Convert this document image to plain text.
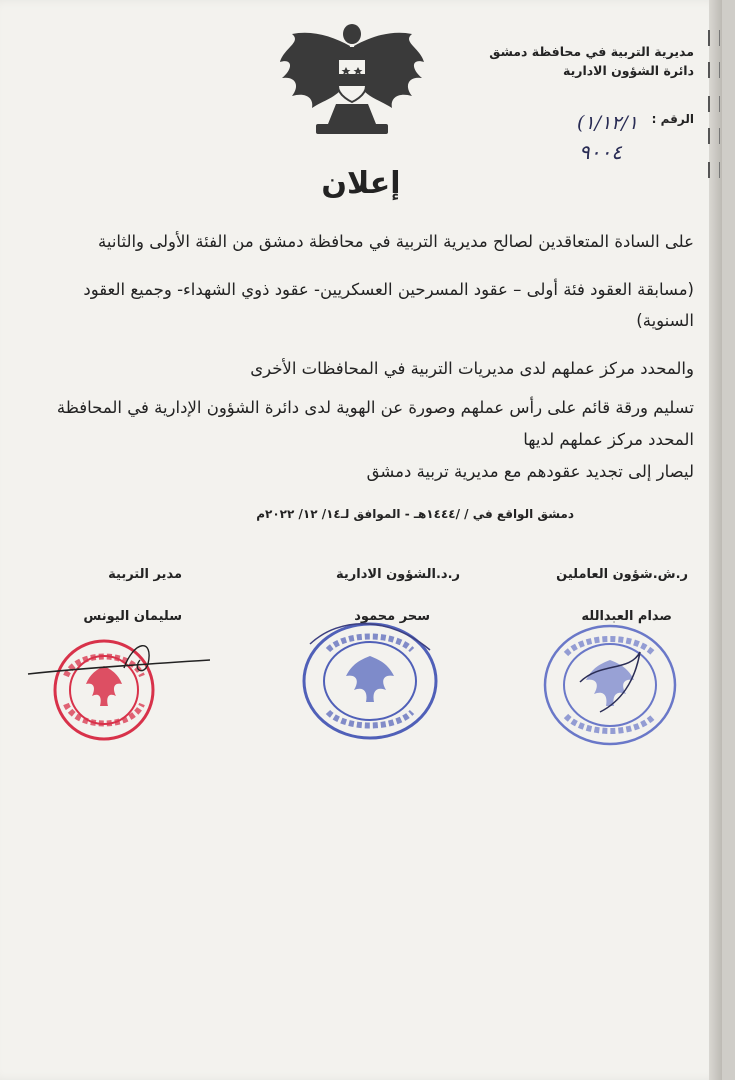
مديرية التربية في محافظة دمشق
دائرة الشؤون الادارية
الرقم :
١/١٢/١)
٩٠٠٤
إعلان
على السادة المتعاقدين لصالح مديرية التربية في محافظة دمشق من الفئة الأولى والثانية
(مسابقة العقود فئة أولى – عقود المسرحين العسكريين- عقود ذوي الشهداء- وجميع العقود
السنوية)
والمحدد مركز عملهم لدى مديريات التربية في المحافظات الأخرى
تسليم ورقة قائم على رأس عملهم وصورة عن الهوية لدى دائرة الشؤون الإدارية في المحافظة
المحدد مركز عملهم لديها
ليصار إلى تجديد عقودهم مع مديرية تربية دمشق
دمشق الواقع في / /١٤٤٤هـ - الموافق لـ١٤/ ١٢/ ٢٠٢٢م
ر.ش.شؤون العاملين
ر.د.الشؤون الادارية
مدير التربية
صدام العبدالله
سحر محمود
سليمان اليونس
